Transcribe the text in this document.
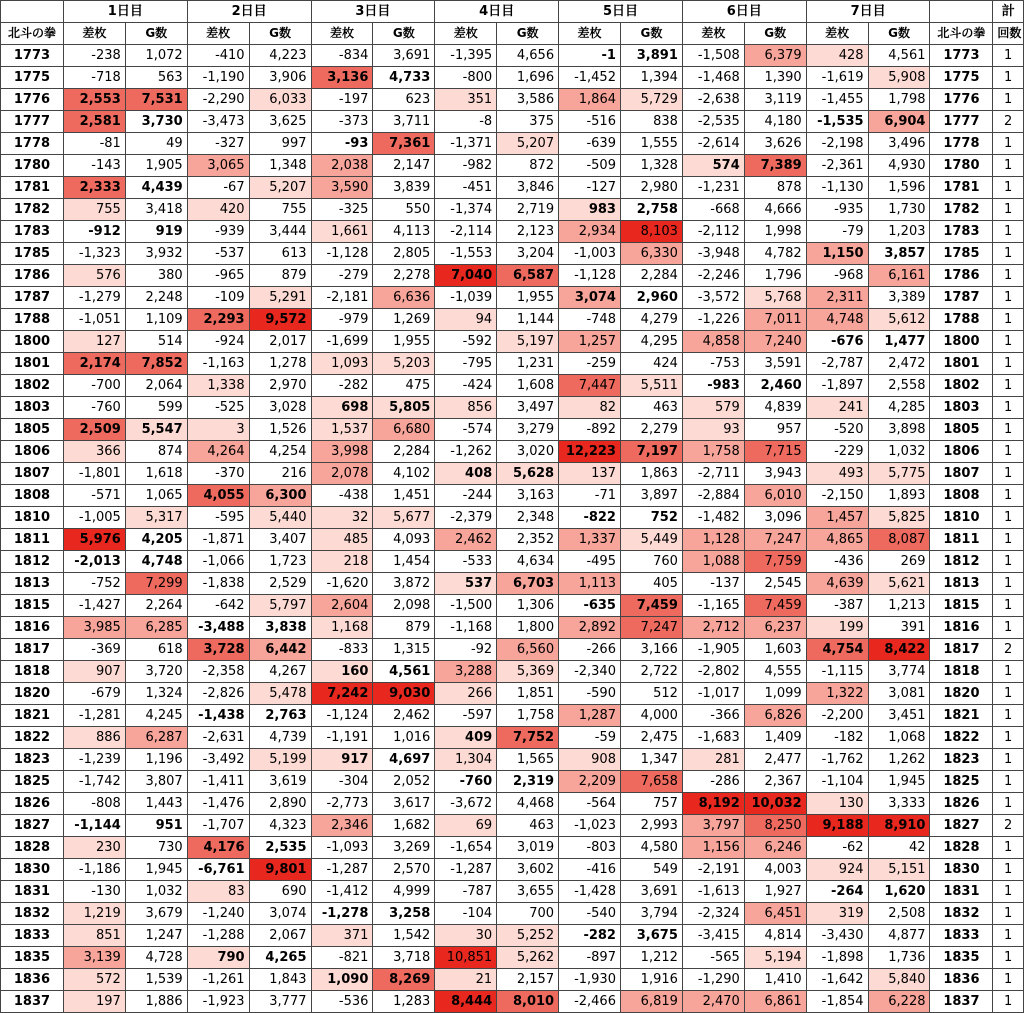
	1日目		2日目		3日目		4日目		5日目		6日目		7日目			計
北斗の拳	差枚	G数	差枚	G数	差枚	G数	差枚	G数	差枚	G数	差枚	G数	差枚	G数	北斗の拳	回数
1773	-238	1,072	-410	4,223	-834	3,691	-1,395	4,656	-1	3,891	-1,508	6,379	428	4,561	1773	1
1775	-718	563	-1,190	3,906	3,136	4,733	-800	1,696	-1,452	1,394	-1,468	1,390	-1,619	5,908	1775	1
1776	2,553	7,531	-2,290	6,033	-197	623	351	3,586	1,864	5,729	-2,638	3,119	-1,455	1,798	1776	1
1777	2,581	3,730	-3,473	3,625	-373	3,711	-8	375	-516	838	-2,535	4,180	-1,535	6,904	1777	2
1778	-81	49	-327	997	-93	7,361	-1,371	5,207	-639	1,555	-2,614	3,626	-2,198	3,496	1778	1
1780	-143	1,905	3,065	1,348	2,038	2,147	-982	872	-509	1,328	574	7,389	-2,361	4,930	1780	1
1781	2,333	4,439	-67	5,207	3,590	3,839	-451	3,846	-127	2,980	-1,231	878	-1,130	1,596	1781	1
1782	755	3,418	420	755	-325	550	-1,374	2,719	983	2,758	-668	4,666	-935	1,730	1782	1
1783	-912	919	-939	3,444	1,661	4,113	-2,114	2,123	2,934	8,103	-2,112	1,998	-79	1,203	1783	1
1785	-1,323	3,932	-537	613	-1,128	2,805	-1,553	3,204	-1,003	6,330	-3,948	4,782	1,150	3,857	1785	1
1786	576	380	-965	879	-279	2,278	7,040	6,587	-1,128	2,284	-2,246	1,796	-968	6,161	1786	1
1787	-1,279	2,248	-109	5,291	-2,181	6,636	-1,039	1,955	3,074	2,960	-3,572	5,768	2,311	3,389	1787	1
1788	-1,051	1,109	2,293	9,572	-979	1,269	94	1,144	-748	4,279	-1,226	7,011	4,748	5,612	1788	1
1800	127	514	-924	2,017	-1,699	1,955	-592	5,197	1,257	4,295	4,858	7,240	-676	1,477	1800	1
1801	2,174	7,852	-1,163	1,278	1,093	5,203	-795	1,231	-259	424	-753	3,591	-2,787	2,472	1801	1
1802	-700	2,064	1,338	2,970	-282	475	-424	1,608	7,447	5,511	-983	2,460	-1,897	2,558	1802	1
1803	-760	599	-525	3,028	698	5,805	856	3,497	82	463	579	4,839	241	4,285	1803	1
1805	2,509	5,547	3	1,526	1,537	6,680	-574	3,279	-892	2,279	93	957	-520	3,898	1805	1
1806	366	874	4,264	4,254	3,998	2,284	-1,262	3,020	12,223	7,197	1,758	7,715	-229	1,032	1806	1
1807	-1,801	1,618	-370	216	2,078	4,102	408	5,628	137	1,863	-2,711	3,943	493	5,775	1807	1
1808	-571	1,065	4,055	6,300	-438	1,451	-244	3,163	-71	3,897	-2,884	6,010	-2,150	1,893	1808	1
1810	-1,005	5,317	-595	5,440	32	5,677	-2,379	2,348	-822	752	-1,482	3,096	1,457	5,825	1810	1
1811	5,976	4,205	-1,871	3,407	485	4,093	2,462	2,352	1,337	5,449	1,128	7,247	4,865	8,087	1811	1
1812	-2,013	4,748	-1,066	1,723	218	1,454	-533	4,634	-495	760	1,088	7,759	-436	269	1812	1
1813	-752	7,299	-1,838	2,529	-1,620	3,872	537	6,703	1,113	405	-137	2,545	4,639	5,621	1813	1
1815	-1,427	2,264	-642	5,797	2,604	2,098	-1,500	1,306	-635	7,459	-1,165	7,459	-387	1,213	1815	1
1816	3,985	6,285	-3,488	3,838	1,168	879	-1,168	1,800	2,892	7,247	2,712	6,237	199	391	1816	1
1817	-369	618	3,728	6,442	-833	1,315	-92	6,560	-266	3,166	-1,905	1,603	4,754	8,422	1817	2
1818	907	3,720	-2,358	4,267	160	4,561	3,288	5,369	-2,340	2,722	-2,802	4,555	-1,115	3,774	1818	1
1820	-679	1,324	-2,826	5,478	7,242	9,030	266	1,851	-590	512	-1,017	1,099	1,322	3,081	1820	1
1821	-1,281	4,245	-1,438	2,763	-1,124	2,462	-597	1,758	1,287	4,000	-366	6,826	-2,200	3,451	1821	1
1822	886	6,287	-2,631	4,739	-1,191	1,016	409	7,752	-59	2,475	-1,683	1,409	-182	1,068	1822	1
1823	-1,239	1,196	-3,492	5,199	917	4,697	1,304	1,565	908	1,347	281	2,477	-1,762	1,262	1823	1
1825	-1,742	3,807	-1,411	3,619	-304	2,052	-760	2,319	2,209	7,658	-286	2,367	-1,104	1,945	1825	1
1826	-808	1,443	-1,476	2,890	-2,773	3,617	-3,672	4,468	-564	757	8,192	10,032	130	3,333	1826	1
1827	-1,144	951	-1,707	4,323	2,346	1,682	69	463	-1,023	2,993	3,797	8,250	9,188	8,910	1827	2
1828	230	730	4,176	2,535	-1,093	3,269	-1,654	3,019	-803	4,580	1,156	6,246	-62	42	1828	1
1830	-1,186	1,945	-6,761	9,801	-1,287	2,570	-1,287	3,602	-416	549	-2,191	4,003	924	5,151	1830	1
1831	-130	1,032	83	690	-1,412	4,999	-787	3,655	-1,428	3,691	-1,613	1,927	-264	1,620	1831	1
1832	1,219	3,679	-1,240	3,074	-1,278	3,258	-104	700	-540	3,794	-2,324	6,451	319	2,508	1832	1
1833	851	1,247	-1,288	2,067	371	1,542	30	5,252	-282	3,675	-3,415	4,814	-3,430	4,877	1833	1
1835	3,139	4,728	790	4,265	-821	3,718	10,851	5,262	-897	1,212	-565	5,194	-1,898	1,736	1835	1
1836	572	1,539	-1,261	1,843	1,090	8,269	21	2,157	-1,930	1,916	-1,290	1,410	-1,642	5,840	1836	1
1837	197	1,886	-1,923	3,777	-536	1,283	8,444	8,010	-2,466	6,819	2,470	6,861	-1,854	6,228	1837	1
